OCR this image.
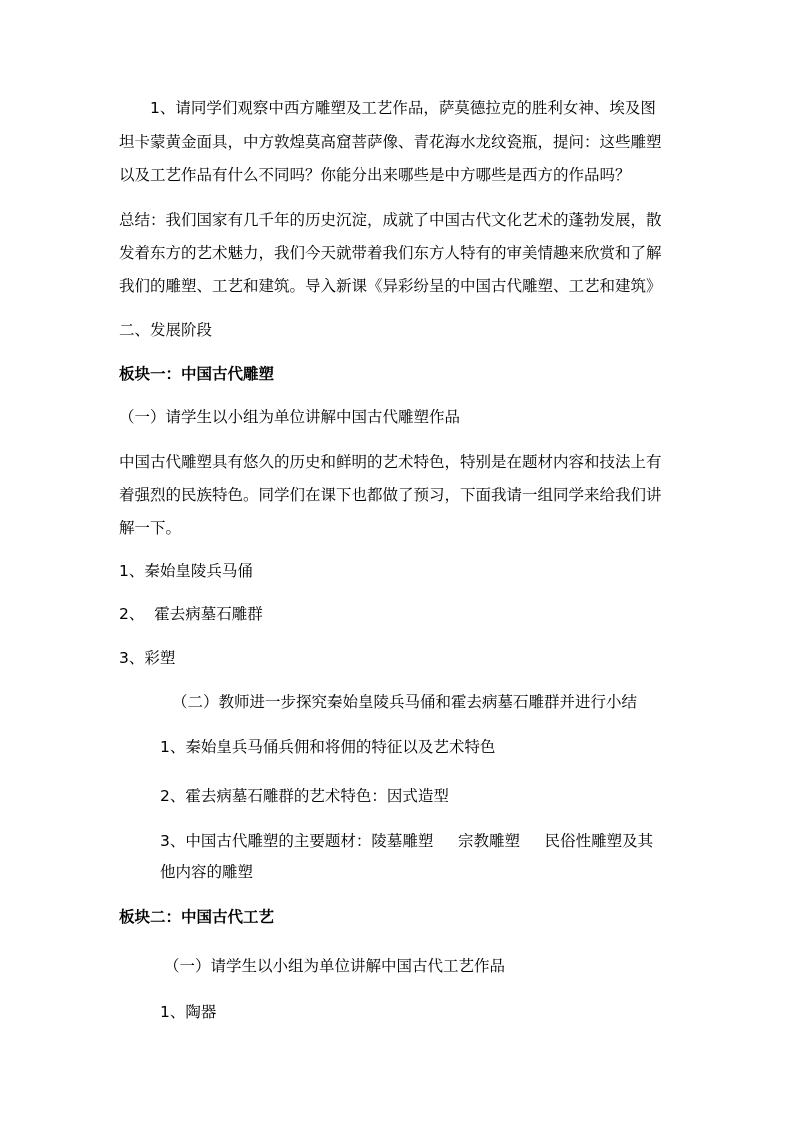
1、请同学们观察中西方雕塑及工艺作品，萨莫德拉克的胜利女神、埃及图

坦卡蒙黄金面具，中方敦煌莫高窟菩萨像、青花海水龙纹瓷瓶，提问：这些雕塑

以及工艺作品有什么不同吗？你能分出来哪些是中方哪些是西方的作品吗？

总结：我们国家有几千年的历史沉淀，成就了中国古代文化艺术的蓬勃发展，散

发着东方的艺术魅力，我们今天就带着我们东方人特有的审美情趣来欣赏和了解

我们的雕塑、工艺和建筑。导入新课《异彩纷呈的中国古代雕塑、工艺和建筑》

二、发展阶段

板块一：中国古代雕塑

（一）请学生以小组为单位讲解中国古代雕塑作品

中国古代雕塑具有悠久的历史和鲜明的艺术特色，特别是在题材内容和技法上有

着强烈的民族特色。同学们在课下也都做了预习，下面我请一组同学来给我们讲

解一下。

1、秦始皇陵兵马俑

2、  霍去病墓石雕群

3、彩塑

（二）教师进一步探究秦始皇陵兵马俑和霍去病墓石雕群并进行小结

1、秦始皇兵马俑兵佣和将佣的特征以及艺术特色

2、霍去病墓石雕群的艺术特色：因式造型

3、中国古代雕塑的主要题材：陵墓雕塑     宗教雕塑     民俗性雕塑及其

他内容的雕塑

板块二：中国古代工艺

（一）请学生以小组为单位讲解中国古代工艺作品

1、陶器
